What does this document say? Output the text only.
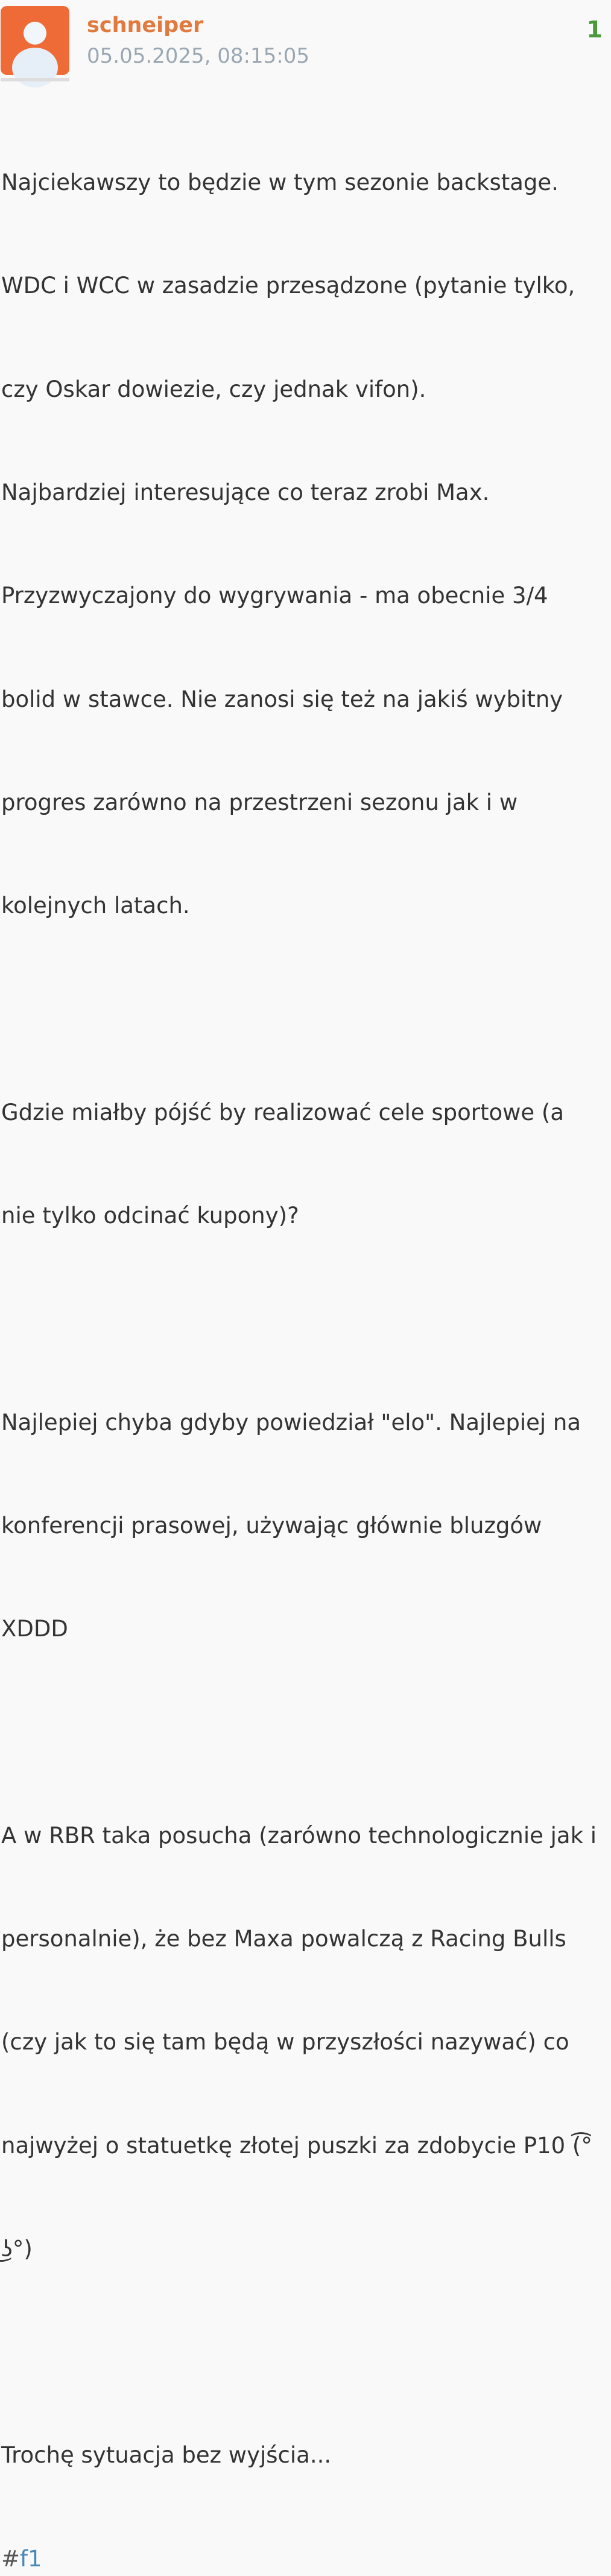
schneiper
05.05.2025, 08:15:05
1

Najciekawszy to będzie w tym sezonie backstage.

WDC i WCC w zasadzie przesądzone (pytanie tylko,

czy Oskar dowiezie, czy jednak vifon).

Najbardziej interesujące co teraz zrobi Max.

Przyzwyczajony do wygrywania - ma obecnie 3/4

bolid w stawce. Nie zanosi się też na jakiś wybitny

progres zarówno na przestrzeni sezonu jak i w

kolejnych latach.

Gdzie miałby pójść by realizować cele sportowe (a

nie tylko odcinać kupony)?

Najlepiej chyba gdyby powiedział "elo". Najlepiej na

konferencji prasowej, używając głównie bluzgów

XDDD

A w RBR taka posucha (zarówno technologicznie jak i

personalnie), że bez Maxa powalczą z Racing Bulls

(czy jak to się tam będą w przyszłości nazywać) co

najwyżej o statuetkę złotej puszki za zdobycie P10 (͡°

͜ʖ°)

Trochę sytuacja bez wyjścia...

#f1
